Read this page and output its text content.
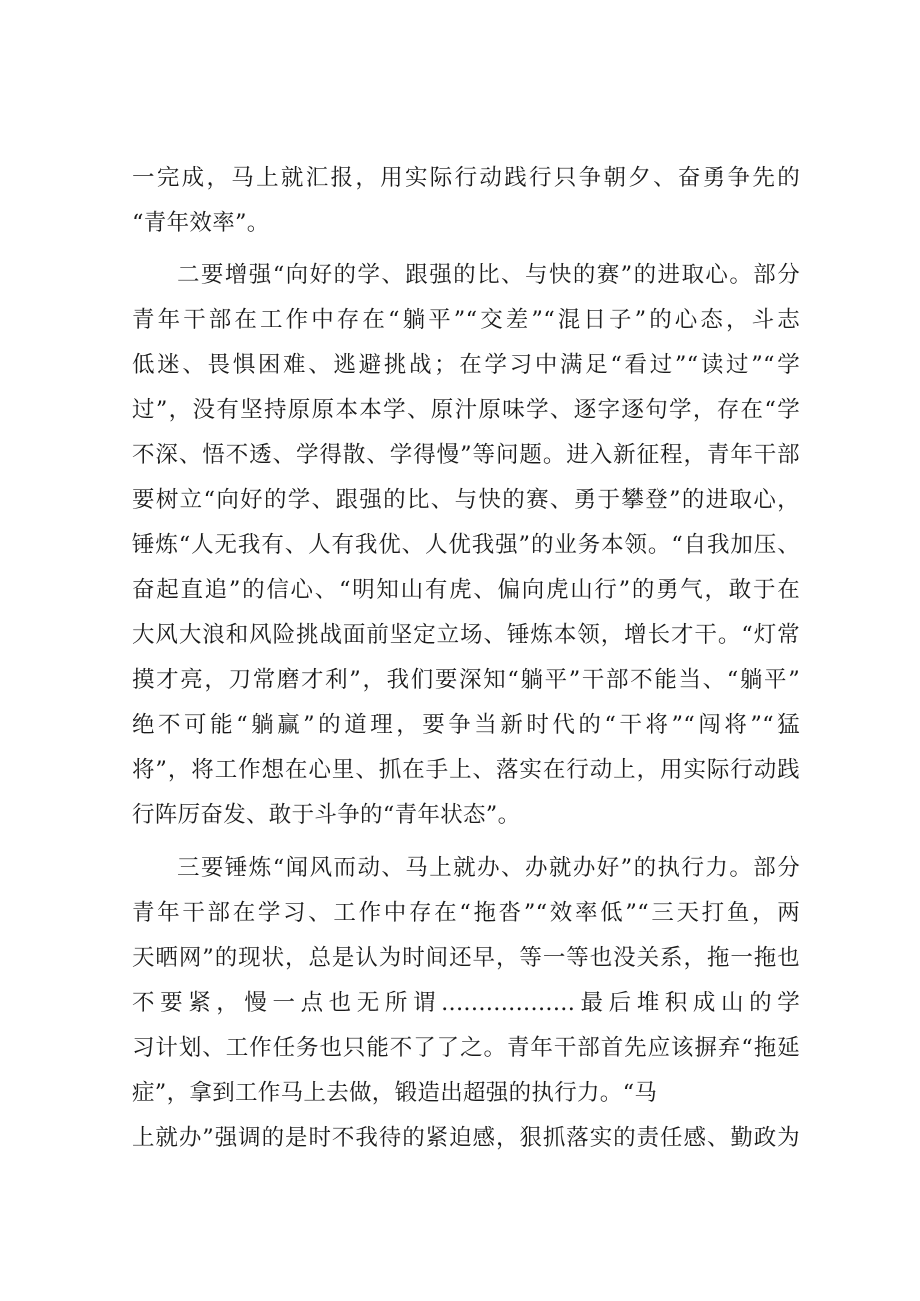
一完成，马上就汇报，用实际行动践行只争朝夕、奋勇争先的
“青年效率”。
二要增强“向好的学、跟强的比、与快的赛”的进取心。部分
青年干部在工作中存在“躺平”“交差”“混日子”的心态，斗志
低迷、畏惧困难、逃避挑战；在学习中满足“看过”“读过”“学
过”，没有坚持原原本本学、原汁原味学、逐字逐句学，存在“学
不深、悟不透、学得散、学得慢”等问题。进入新征程，青年干部
要树立“向好的学、跟强的比、与快的赛、勇于攀登”的进取心，
锤炼“人无我有、人有我优、人优我强”的业务本领。“自我加压、
奋起直追”的信心、“明知山有虎、偏向虎山行”的勇气，敢于在
大风大浪和风险挑战面前坚定立场、锤炼本领，增长才干。“灯常
摸才亮，刀常磨才利”，我们要深知“躺平”干部不能当、“躺平”
绝不可能“躺赢”的道理，要争当新时代的“干将”“闯将”“猛
将”，将工作想在心里、抓在手上、落实在行动上，用实际行动践
行阵厉奋发、敢于斗争的“青年状态”。
三要锤炼“闻风而动、马上就办、办就办好”的执行力。部分
青年干部在学习、工作中存在“拖沓”“效率低”“三天打鱼，两
天晒网”的现状，总是认为时间还早，等一等也没关系，拖一拖也
不要紧，慢一点也无所谓..................最后堆积成山的学
习计划、工作任务也只能不了了之。青年干部首先应该摒弃“拖延
症”，拿到工作马上去做，锻造出超强的执行力。“马
上就办”强调的是时不我待的紧迫感，狠抓落实的责任感、勤政为
